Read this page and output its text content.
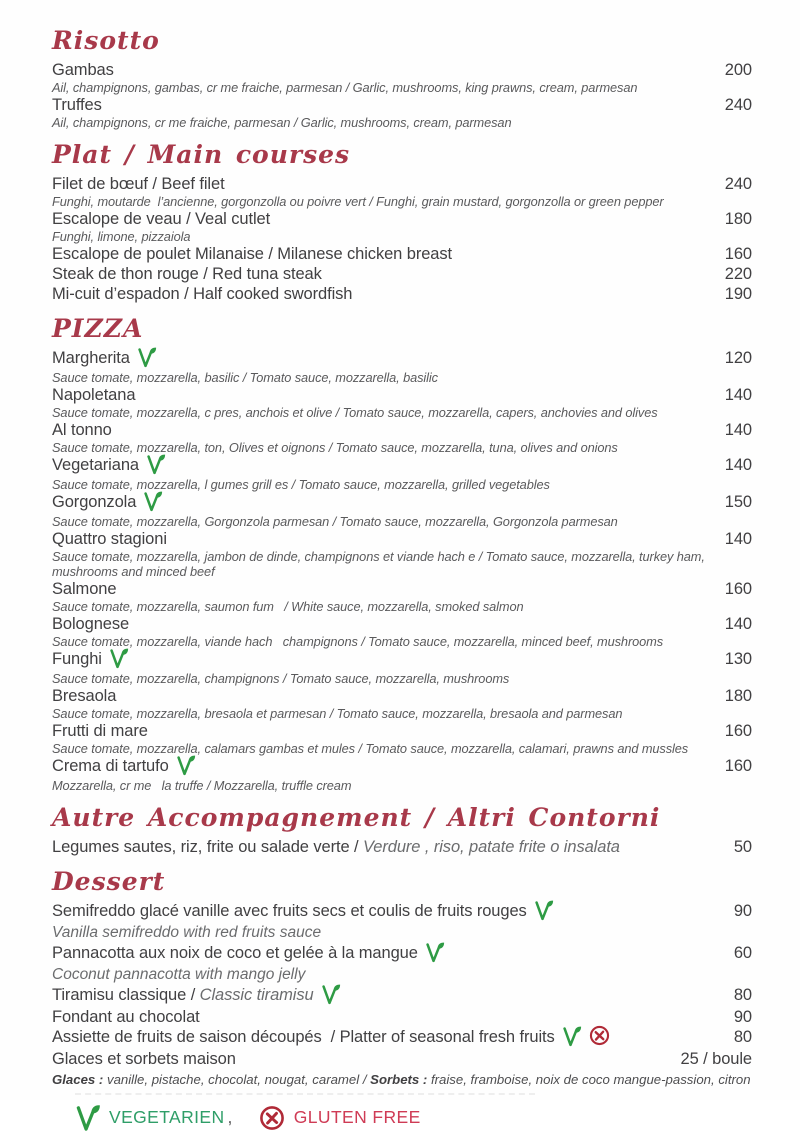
Risotto
Gambas	200
Ail, champignons, gambas, cr me fraiche, parmesan / Garlic, mushrooms, king prawns, cream, parmesan
Truffes	240
Ail, champignons, cr me fraiche, parmesan / Garlic, mushrooms, cream, parmesan
Plat / Main courses
Filet de bœuf / Beef filet	240
Funghi, moutarde  l’ancienne, gorgonzolla ou poivre vert / Funghi, grain mustard, gorgonzolla or green pepper
Escalope de veau / Veal cutlet	180
Funghi, limone, pizzaiola
Escalope de poulet Milanaise / Milanese chicken breast	160
Steak de thon rouge / Red tuna steak	220
Mi-cuit d’espadon / Half cooked swordfish	190
PIZZA
Margherita	120
Sauce tomate, mozzarella, basilic / Tomato sauce, mozzarella, basilic
Napoletana	140
Sauce tomate, mozzarella, c pres, anchois et olive / Tomato sauce, mozzarella, capers, anchovies and olives
Al tonno	140
Sauce tomate, mozzarella, ton, Olives et oignons / Tomato sauce, mozzarella, tuna, olives and onions
Vegetariana	140
Sauce tomate, mozzarella, l gumes grill es / Tomato sauce, mozzarella, grilled vegetables
Gorgonzola	150
Sauce tomate, mozzarella, Gorgonzola parmesan / Tomato sauce, mozzarella, Gorgonzola parmesan
Quattro stagioni	140
Sauce tomate, mozzarella, jambon de dinde, champignons et viande hach e / Tomato sauce, mozzarella, turkey ham, mushrooms and minced beef
Salmone	160
Sauce tomate, mozzarella, saumon fum   / White sauce, mozzarella, smoked salmon
Bolognese	140
Sauce tomate, mozzarella, viande hach   champignons / Tomato sauce, mozzarella, minced beef, mushrooms
Funghi	130
Sauce tomate, mozzarella, champignons / Tomato sauce, mozzarella, mushrooms
Bresaola	180
Sauce tomate, mozzarella, bresaola et parmesan / Tomato sauce, mozzarella, bresaola and parmesan
Frutti di mare	160
Sauce tomate, mozzarella, calamars gambas et mules / Tomato sauce, mozzarella, calamari, prawns and mussles
Crema di tartufo	160
Mozzarella, cr me   la truffe / Mozzarella, truffle cream
Autre Accompagnement / Altri Contorni
Legumes sautes, riz, frite ou salade verte / Verdure , riso, patate frite o insalata	50
Dessert
Semifreddo glacé vanille avec fruits secs et coulis de fruits rouges	90
Vanilla semifreddo with red fruits sauce
Pannacotta aux noix de coco et gelée à la mangue	60
Coconut pannacotta with mango jelly
Tiramisu classique / Classic tiramisu	80
Fondant au chocolat	90
Assiette de fruits de saison découpés  / Platter of seasonal fresh fruits	80
Glaces et sorbets maison	25 / boule
Glaces : vanille, pistache, chocolat, nougat, caramel / Sorbets : fraise, framboise, noix de coco mangue-passion, citron
VEGETARIEN ,	GLUTEN FREE
